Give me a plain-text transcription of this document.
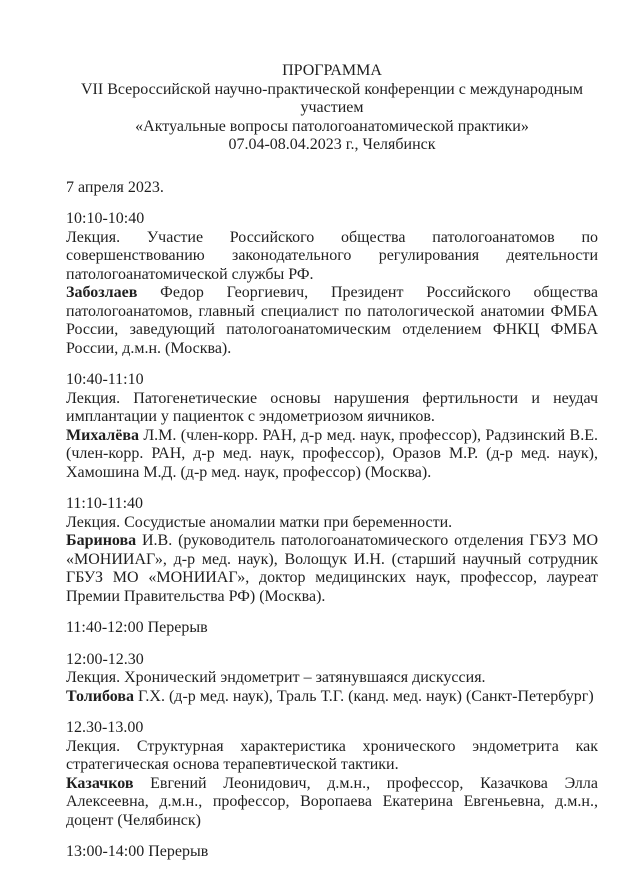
ПРОГРАММА
VII Всероссийской научно-практической конференции с международным
участием
«Актуальные вопросы патологоанатомической практики»
07.04-08.04.2023 г., Челябинск
7 апреля 2023.
10:10-10:40

Лекция. Участие Российского общества патологоанатомов по совершенствованию законодательного регулирования деятельности патологоанатомической службы РФ.

Забозлаев Федор Георгиевич, Президент Российского общества патологоанатомов, главный специалист по патологической анатомии ФМБА России, заведующий патологоанатомическим отделением ФНКЦ ФМБА России, д.м.н. (Москва).

10:40-11:10

Лекция. Патогенетические основы нарушения фертильности и неудач имплантации у пациенток с эндометриозом яичников.

Михалёва Л.М. (член-корр. РАН, д-р мед. наук, профессор), Радзинский В.Е. (член-корр. РАН, д-р мед. наук, профессор), Оразов М.Р. (д-р мед. наук), Хамошина М.Д. (д-р мед. наук, профессор) (Москва).

11:10-11:40

Лекция. Сосудистые аномалии матки при беременности.

Баринова И.В. (руководитель патологоанатомического отделения ГБУЗ МО «МОНИИАГ», д-р мед. наук), Волощук И.Н. (старший научный сотрудник ГБУЗ МО «МОНИИАГ», доктор медицинских наук, профессор, лауреат Премии Правительства РФ) (Москва).

11:40-12:00 Перерыв
12:00-12.30

Лекция. Хронический эндометрит – затянувшаяся дискуссия.

Толибова Г.Х. (д-р мед. наук), Траль Т.Г. (канд. мед. наук) (Санкт-Петербург)

12.30-13.00

Лекция. Структурная характеристика хронического эндометрита как стратегическая основа терапевтической тактики.

Казачков Евгений Леонидович, д.м.н., профессор, Казачкова Элла Алексеевна, д.м.н., профессор, Воропаева Екатерина Евгеньевна, д.м.н., доцент (Челябинск)

13:00-14:00 Перерыв
